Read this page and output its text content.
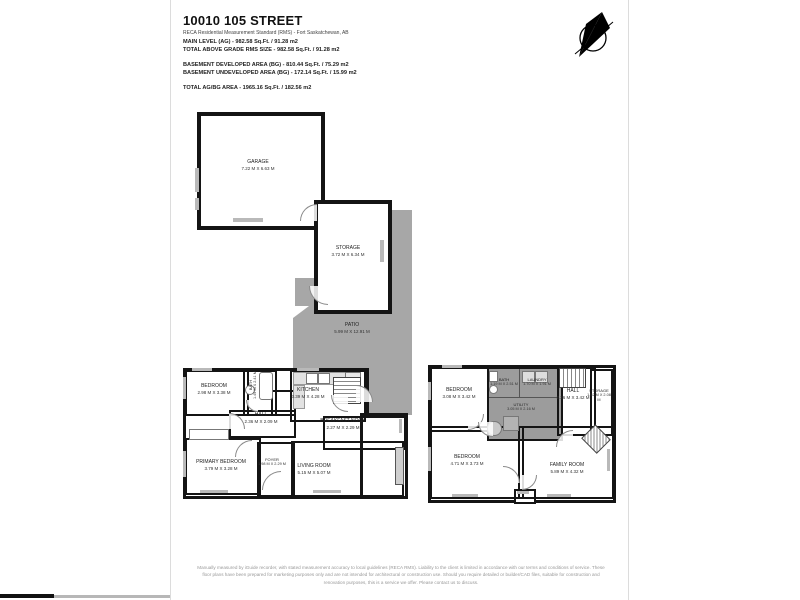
10010 105 STREET
RECA Residential Measurement Standard (RMS) - Fort Saskatchewan, AB
MAIN LEVEL (AG) - 982.58 Sq.Ft. / 91.28 m2
TOTAL ABOVE GRADE RMS SIZE - 982.58 Sq.Ft. / 91.28 m2
BASEMENT DEVELOPED AREA (BG) - 810.44 Sq.Ft. / 75.29 m2
BASEMENT UNDEVELOPED AREA (BG) - 172.14 Sq.Ft. / 15.99 m2
TOTAL AG/BG AREA - 1965.16 Sq.Ft. / 182.56 m2
GARAGE
7.22 M X 6.63 M
STORAGE
3.72 M X 6.34 M
PATIO
5.99 M X 12.91 M
BEDROOM
2.98 M X 3.38 M
BATH 1.49 M X 2.41 M
HALL
2.36 M X 2.09 M
KITCHEN
3.39 M X 4.28 M
BREAKFAST NOOK
2.27 M X 2.29 M
PRIMARY BEDROOM
3.79 M X 3.28 M
FOYER
1.98 M X 2.29 M	LIVING ROOM
5.15 M X 5.07 M
BEDROOM
3.08 M X 3.42 M
BATH
1.19 M X 2.51 M
LAUNDRY
1.70 M X 1.91 M
UTILITY
3.05 M X 2.16 M
HALL
2.36 M X 3.42 M
STORAGE
1.52 M X 2.08 M
BEDROOM
4.71 M X 3.73 M	FAMILY ROOM
5.89 M X 4.32 M
Manually measured by iGuide recorder, with stated measurement accuracy to local guidelines (RECA RMS). Liability to the client is limited in accordance with our terms and conditions of service. These floor plans have been prepared for marketing purposes only and are not intended for architectural or construction use. Should you require detailed or builder/CAD files, suitable for construction and renovation purposes, this is a service we offer. Please contact us to discuss.
